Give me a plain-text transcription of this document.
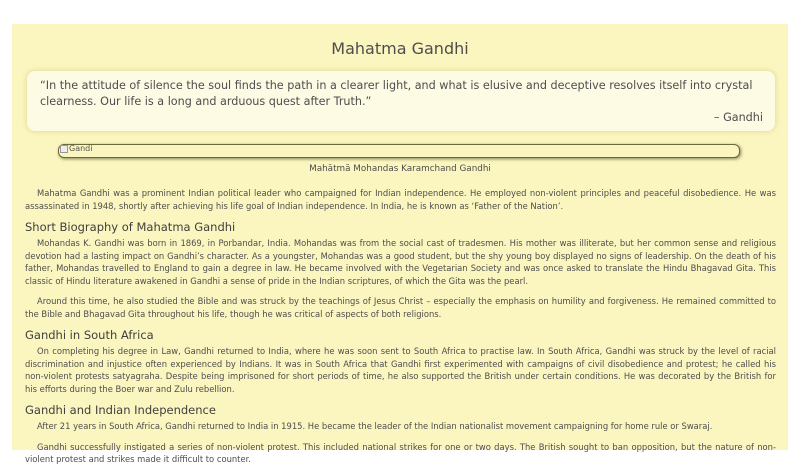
Mahatma Gandhi
“In the attitude of silence the soul finds the path in a clearer light, and what is elusive and deceptive resolves itself into crystal clearness. Our life is a long and arduous quest after Truth.”
– Gandhi
Gandi
Mahātmā Mohandas Karamchand Gandhi

Mahatma Gandhi was a prominent Indian political leader who campaigned for Indian independence. He employed non-violent principles and peaceful disobedience. He was assassinated in 1948, shortly after achieving his life goal of Indian independence. In India, he is known as ‘Father of the Nation’.

Short Biography of Mahatma Gandhi

Mohandas K. Gandhi was born in 1869, in Porbandar, India. Mohandas was from the social cast of tradesmen. His mother was illiterate, but her common sense and religious devotion had a lasting impact on Gandhi’s character. As a youngster, Mohandas was a good student, but the shy young boy displayed no signs of leadership. On the death of his father, Mohandas travelled to England to gain a degree in law. He became involved with the Vegetarian Society and was once asked to translate the Hindu Bhagavad Gita. This classic of Hindu literature awakened in Gandhi a sense of pride in the Indian scriptures, of which the Gita was the pearl.

Around this time, he also studied the Bible and was struck by the teachings of Jesus Christ – especially the emphasis on humility and forgiveness. He remained committed to the Bible and Bhagavad Gita throughout his life, though he was critical of aspects of both religions.

Gandhi in South Africa

On completing his degree in Law, Gandhi returned to India, where he was soon sent to South Africa to practise law. In South Africa, Gandhi was struck by the level of racial discrimination and injustice often experienced by Indians. It was in South Africa that Gandhi first experimented with campaigns of civil disobedience and protest; he called his non-violent protests satyagraha. Despite being imprisoned for short periods of time, he also supported the British under certain conditions. He was decorated by the British for his efforts during the Boer war and Zulu rebellion.

Gandhi and Indian Independence

After 21 years in South Africa, Gandhi returned to India in 1915. He became the leader of the Indian nationalist movement campaigning for home rule or Swaraj.

Gandhi successfully instigated a series of non-violent protest. This included national strikes for one or two days. The British sought to ban opposition, but the nature of non-violent protest and strikes made it difficult to counter.
